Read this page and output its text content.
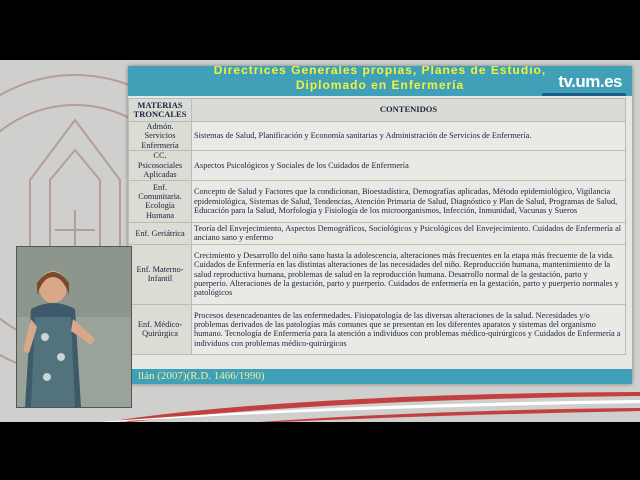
Directrices Generales propias, Planes de Estudio,
Diplomado en Enfermería	tv.um.es
MATERIAS TRONCALES	CONTENIDOS
Admón. Servicios Enfermería	Sistemas de Salud, Planificación y Economía sanitarias y Administración de Servicios de Enfermería.
CC. Psicosociales Aplicadas	Aspectos Psicológicos y Sociales de los Cuidados de Enfermería
Enf. Comunitaria. Ecología Humana	Concepto de Salud y Factores que la condicionan, Bioestadística, Demografías aplicadas, Método epidemiológico, Vigilancia epidemiológica, Sistemas de Salud, Tendencias, Atención Primaria de Salud, Diagnóstico y Plan de Salud, Programas de Salud, Educación para la Salud, Morfología y Fisiología de los microorganismos, Infección, Inmunidad, Vacunas y Sueros
Enf. Geriátrica	Teoría del Envejecimiento, Aspectos Demográficos, Sociológicos y Psicológicos del Envejecimiento. Cuidados de Enfermería al anciano sano y enfermo
Enf. Materno-Infantil	Crecimiento y Desarrollo del niño sano hasta la adolescencia, alteraciones más frecuentes en la etapa más frecuente de la vida. Cuidados de Enfermería en las distintas alteraciones de las necesidades del niño. Reproducción humana, mantenimiento de la salud reproductiva humana, problemas de salud en la reproducción humana. Desarrollo normal de la gestación, parto y puerperio. Alteraciones de la gestación, parto y puerperio. Cuidados de enfermería en la gestación, parto y puerperio normales y patológicos
Enf. Médico-Quirúrgica	Procesos desencadenantes de las enfermedades. Fisiopatología de las diversas alteraciones de la salud. Necesidades y/o problemas derivados de las patologías más comunes que se presentan en los diferentes aparatos y sistemas del organismo humano. Tecnología de Enfermería para la atención a individuos con problemas médico-quirúrgicos y Cuidados de Enfermería a individuos con problemas médico-quirúrgicos
llán (2007)(R.D. 1466/1990)
